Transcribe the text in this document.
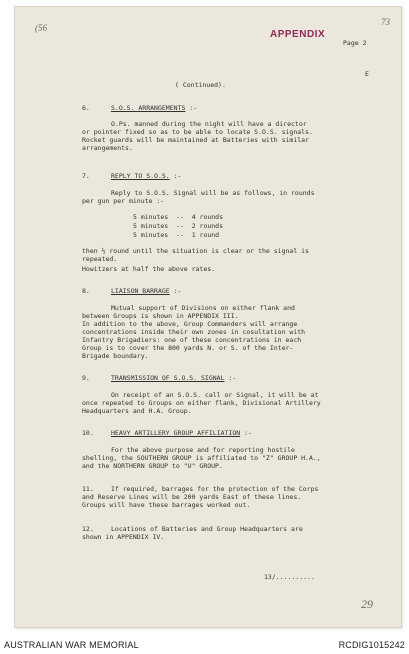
(56
APPENDIX
73
Page 2
E
( Continued).
6.	S.O.S. ARRANGEMENTS :-
O.Ps. manned during the night will have a director
or pointer fixed so as to be able to locate S.O.S. signals.
Rocket guards will be maintained at Batteries with similar
arrangements.
7.	REPLY TO S.O.S. :-
Reply to S.O.S. Signal will be as follows, in rounds
per gun per minute :-
5 minutes  --  4 rounds
5 minutes  --  2 rounds
5 minutes  --  1 round
then ½ round until the situation is clear or the signal is
repeated.
Howitzers at half the above rates.
8.	LIAISON BARRAGE :-
Mutual support of Divisions on either flank and
between Groups is shown in APPENDIX III.
In addition to the above, Group Commanders will arrange
concentrations inside their own zones in cosultation with
Infantry Brigadiers: one of these concentrations in each
Group is to cover the 800 yards N. or S. of the Inter-
Brigade boundary.
9.	TRANSMISSION OF S.O.S. SIGNAL :-
On receipt of an S.O.S. call or Signal, it will be at
once repeated to Groups on either flank, Divisional Artillery
Headquarters and H.A. Group.
10.	HEAVY ARTILLERY GROUP AFFILIATION :-
For the above purpose and for reporting hostile
shelling, the SOUTHERN GROUP is affiliated to "Z" GROUP H.A.,
and the NORTHERN GROUP to "U" GROUP.
11.	If required, barrages for the protection of the Corps
and Reserve Lines will be 200 yards East of these lines.
Groups will have these barrages worked out.
12.	Locations of Batteries and Group Headquarters are
shown in APPENDIX IV.
13/..........
29
AUSTRALIAN WAR MEMORIAL	RCDIG1015242
